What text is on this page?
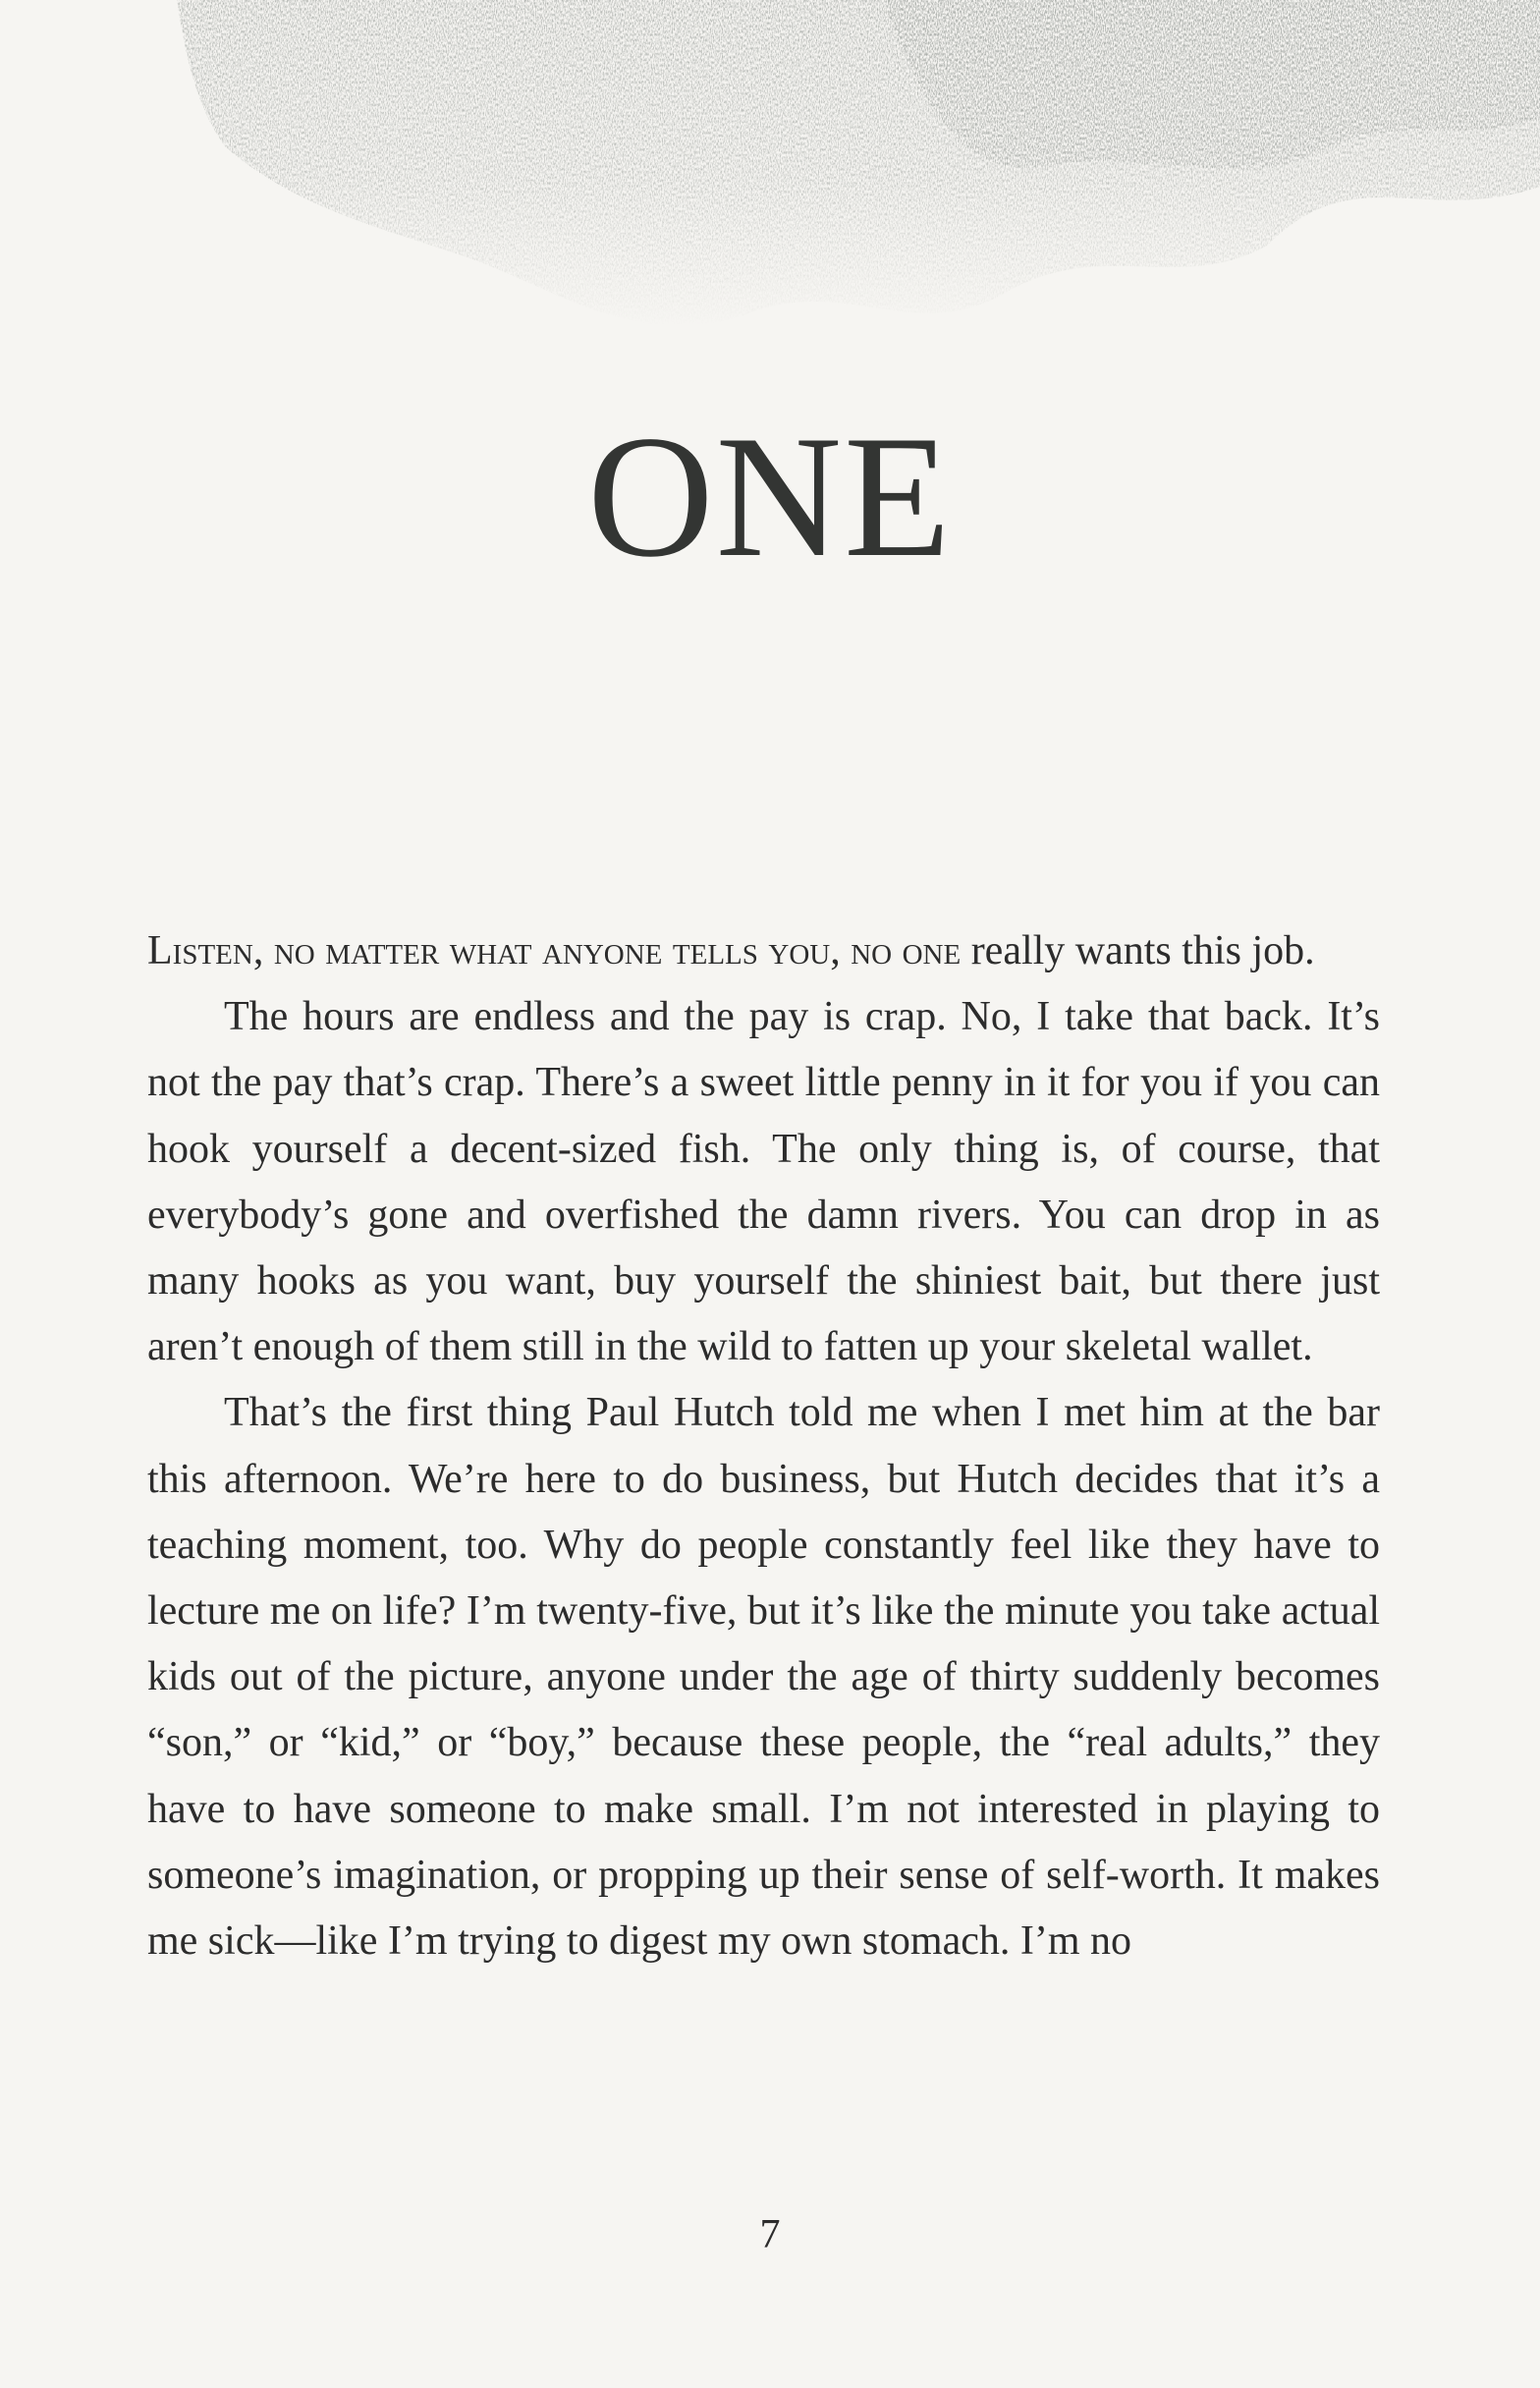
ONE

Listen, no matter what anyone tells you, no one really wants this job.

The hours are endless and the pay is crap. No, I take that back. It’s not the pay that’s crap. There’s a sweet little penny in it for you if you can hook yourself a decent-sized fish. The only thing is, of course, that everybody’s gone and overfished the damn rivers. You can drop in as many hooks as you want, buy yourself the shiniest bait, but there just aren’t enough of them still in the wild to fatten up your skeletal wallet.

That’s the first thing Paul Hutch told me when I met him at the bar this afternoon. We’re here to do business, but Hutch decides that it’s a teaching moment, too. Why do people constantly feel like they have to lecture me on life? I’m twenty-five, but it’s like the minute you take actual kids out of the picture, anyone under the age of thirty suddenly becomes “son,” or “kid,” or “boy,” because these people, the “real adults,” they have to have someone to make small. I’m not interested in playing to someone’s imagination, or propping up their sense of self-worth. It makes me sick—like I’m trying to digest my own stomach. I’m no

7
